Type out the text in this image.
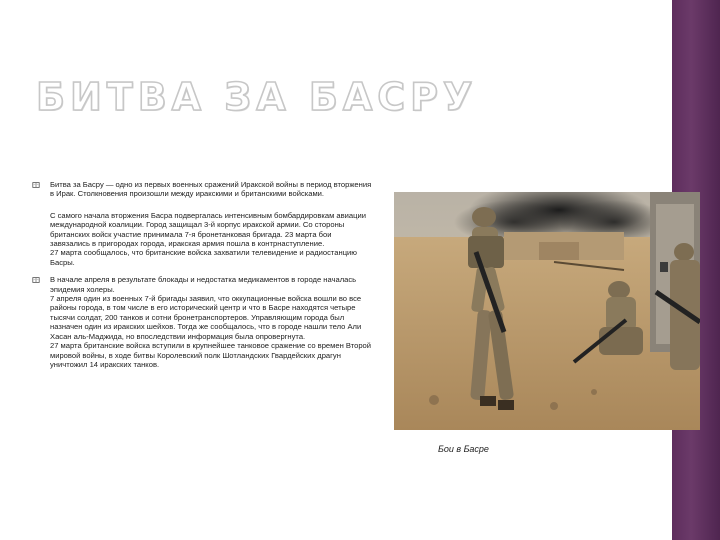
БИТВА ЗА БАСРУ

Битва за Басру — одно из первых военных сражений Иракской войны в период вторжения в Ирак. Столкновения произошли между иракскими и британскими войсками.

С самого начала вторжения Басра подвергалась интенсивным бомбардировкам авиации международной коалиции. Город защищал 3-й корпус иракской армии. Со стороны британских войск участие принимала 7-я бронетанковая бригада. 23 марта бои завязались в пригородах города, иракская армия пошла в контрнаступление.

27 марта сообщалось, что британские войска захватили телевидение и радиостанцию Басры.

В начале апреля в результате блокады и недостатка медикаментов в городе началась эпидемия холеры.

7 апреля один из военных 7-й бригады заявил, что оккупационные войска вошли во все районы города, в том числе в его исторический центр и что в Басре находятся четыре тысячи солдат, 200 танков и сотни бронетранспортеров. Управляющим города был назначен один из иракских шейхов. Тогда же сообщалось, что в городе нашли тело Али Хасан аль-Маджида, но впоследствии информация была опровергнута.

27 марта британские войска вступили в крупнейшее танковое сражение со времен Второй мировой войны, в ходе битвы Королевский полк Шотландских Гвардейских драгун уничтожил 14 иракских танков.

Бои в Басре
